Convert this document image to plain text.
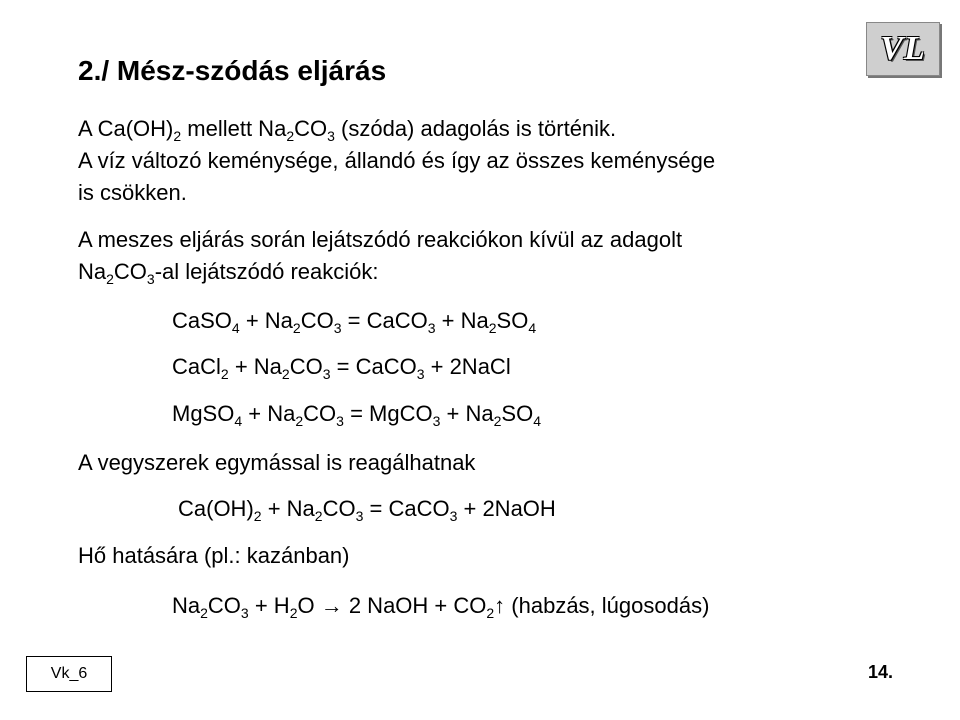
2./ Mész-szódás eljárás
VL
A $Ca(OH)_2$ mellett $Na_2CO_3$ (szóda) adagolás is történik.
A víz változó keménysége, állandó és így az összes keménysége
is csökken.
A meszes eljárás során lejátszódó reakciókon kívül az adagolt
$Na_2CO_3-al$ lejátszódó reakciók:
CaSO$_4$ + $Na_2CO_3$ = CaCO$_3$ + $Na_2SO_4$
CaCl$_2$ + $Na_2CO_3$ = CaCO$_3$ + 2NaCl
MgSO$_4$ + $Na_2CO_3$ = MgCO$_3$ + $Na_2SO_4$
A vegyszerek egymással is reagálhatnak
$Ca(OH)_2 + Na_2CO_3$ = CaCO$_3$ + 2NaOH
Hő hatására (pl.: kazánban)
$Na_2CO_3 + H_2O \to 2$ NaOH + $CO_2↑$ (habzás, lúgosodás)
Vk_6	14.
